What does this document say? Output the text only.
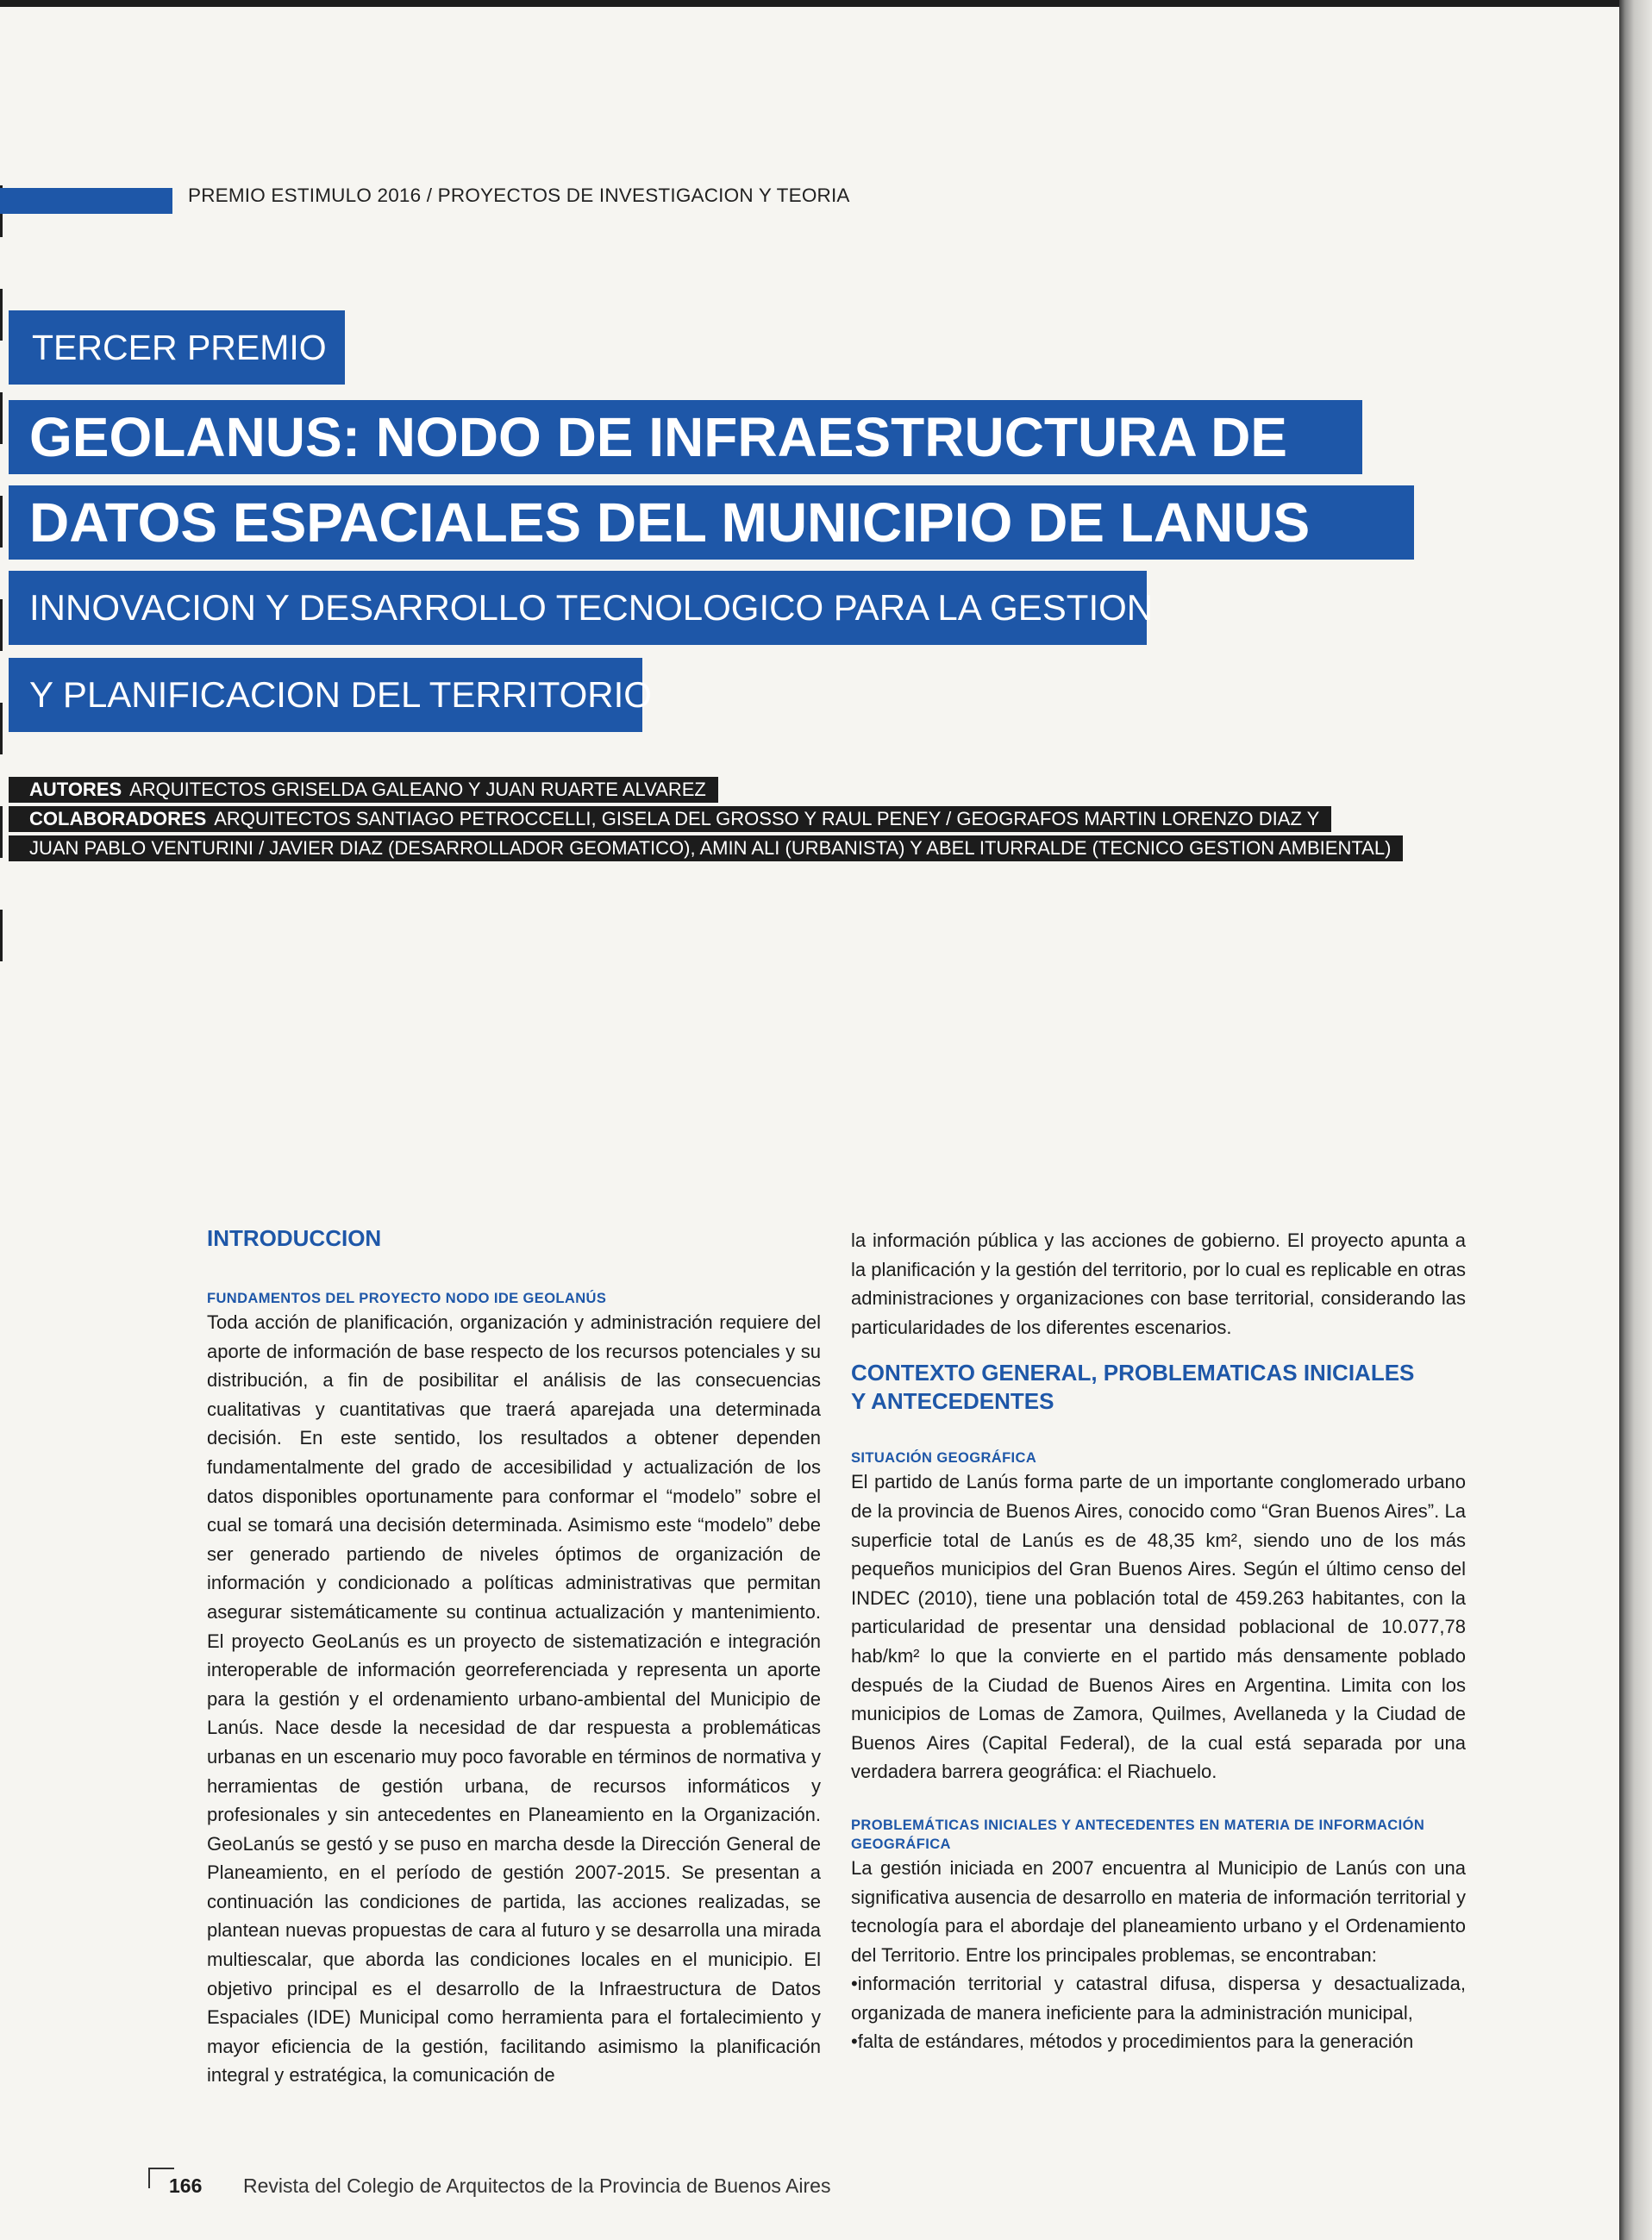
PREMIO ESTIMULO 2016 / PROYECTOS DE INVESTIGACION Y TEORIA
TERCER PREMIO
GEOLANUS: NODO DE INFRAESTRUCTURA DE
DATOS ESPACIALES DEL MUNICIPIO DE LANUS
INNOVACION Y DESARROLLO TECNOLOGICO PARA LA GESTION
Y PLANIFICACION DEL TERRITORIO
AUTORES ARQUITECTOS GRISELDA GALEANO Y JUAN RUARTE ALVAREZ
COLABORADORES ARQUITECTOS SANTIAGO PETROCCELLI, GISELA DEL GROSSO Y RAUL PENEY / GEOGRAFOS MARTIN LORENZO DIAZ Y
JUAN PABLO VENTURINI / JAVIER DIAZ (DESARROLLADOR GEOMATICO), AMIN ALI (URBANISTA) Y ABEL ITURRALDE (TECNICO GESTION AMBIENTAL)
INTRODUCCION

FUNDAMENTOS DEL PROYECTO NODO IDE GEOLANÚS

Toda acción de planificación, organización y administración requiere del aporte de información de base respecto de los recursos potenciales y su distribución, a fin de posibilitar el análisis de las consecuencias cualitativas y cuantitativas que traerá aparejada una determinada decisión. En este sentido, los resultados a obtener dependen fundamentalmente del grado de accesibilidad y actualización de los datos disponibles oportunamente para conformar el “modelo” sobre el cual se tomará una decisión determinada. Asimismo este “modelo” debe ser generado partiendo de niveles óptimos de organización de información y condicionado a políticas administrativas que permitan asegurar sistemáticamente su continua actualización y mantenimiento. El proyecto GeoLanús es un proyecto de sistematización e integración interoperable de información georreferenciada y representa un aporte para la gestión y el ordenamiento urbano-ambiental del Municipio de Lanús. Nace desde la necesidad de dar respuesta a problemáticas urbanas en un escenario muy poco favorable en términos de normativa y herramientas de gestión urbana, de recursos informáticos y profesionales y sin antecedentes en Planeamiento en la Organización. GeoLanús se gestó y se puso en marcha desde la Dirección General de Planeamiento, en el período de gestión 2007-2015. Se presentan a continuación las condiciones de partida, las acciones realizadas, se plantean nuevas propuestas de cara al futuro y se desarrolla una mirada multiescalar, que aborda las condiciones locales en el municipio. El objetivo principal es el desarrollo de la Infraestructura de Datos Espaciales (IDE) Municipal como herramienta para el fortalecimiento y mayor eficiencia de la gestión, facilitando asimismo la planificación integral y estratégica, la comunicación de

la información pública y las acciones de gobierno. El proyecto apunta a la planificación y la gestión del territorio, por lo cual es replicable en otras administraciones y organizaciones con base territorial, considerando las particularidades de los diferentes escenarios.

CONTEXTO GENERAL, PROBLEMATICAS INICIALES
Y ANTECEDENTES

SITUACIÓN GEOGRÁFICA

El partido de Lanús forma parte de un importante conglomerado urbano de la provincia de Buenos Aires, conocido como “Gran Buenos Aires”. La superficie total de Lanús es de 48,35 km², siendo uno de los más pequeños municipios del Gran Buenos Aires. Según el último censo del INDEC (2010), tiene una población total de 459.263 habitantes, con la particularidad de presentar una densidad poblacional de 10.077,78 hab/km² lo que la convierte en el partido más densamente poblado después de la Ciudad de Buenos Aires en Argentina. Limita con los municipios de Lomas de Zamora, Quilmes, Avellaneda y la Ciudad de Buenos Aires (Capital Federal), de la cual está separada por una verdadera barrera geográfica: el Riachuelo.

PROBLEMÁTICAS INICIALES Y ANTECEDENTES EN MATERIA DE INFORMACIÓN GEOGRÁFICA

La gestión iniciada en 2007 encuentra al Municipio de Lanús con una significativa ausencia de desarrollo en materia de información territorial y tecnología para el abordaje del planeamiento urbano y el Ordenamiento del Territorio. Entre los principales problemas, se encontraban:

•información territorial y catastral difusa, dispersa y desactualizada, organizada de manera ineficiente para la administración municipal,

•falta de estándares, métodos y procedimientos para la generación

166 Revista del Colegio de Arquitectos de la Provincia de Buenos Aires
